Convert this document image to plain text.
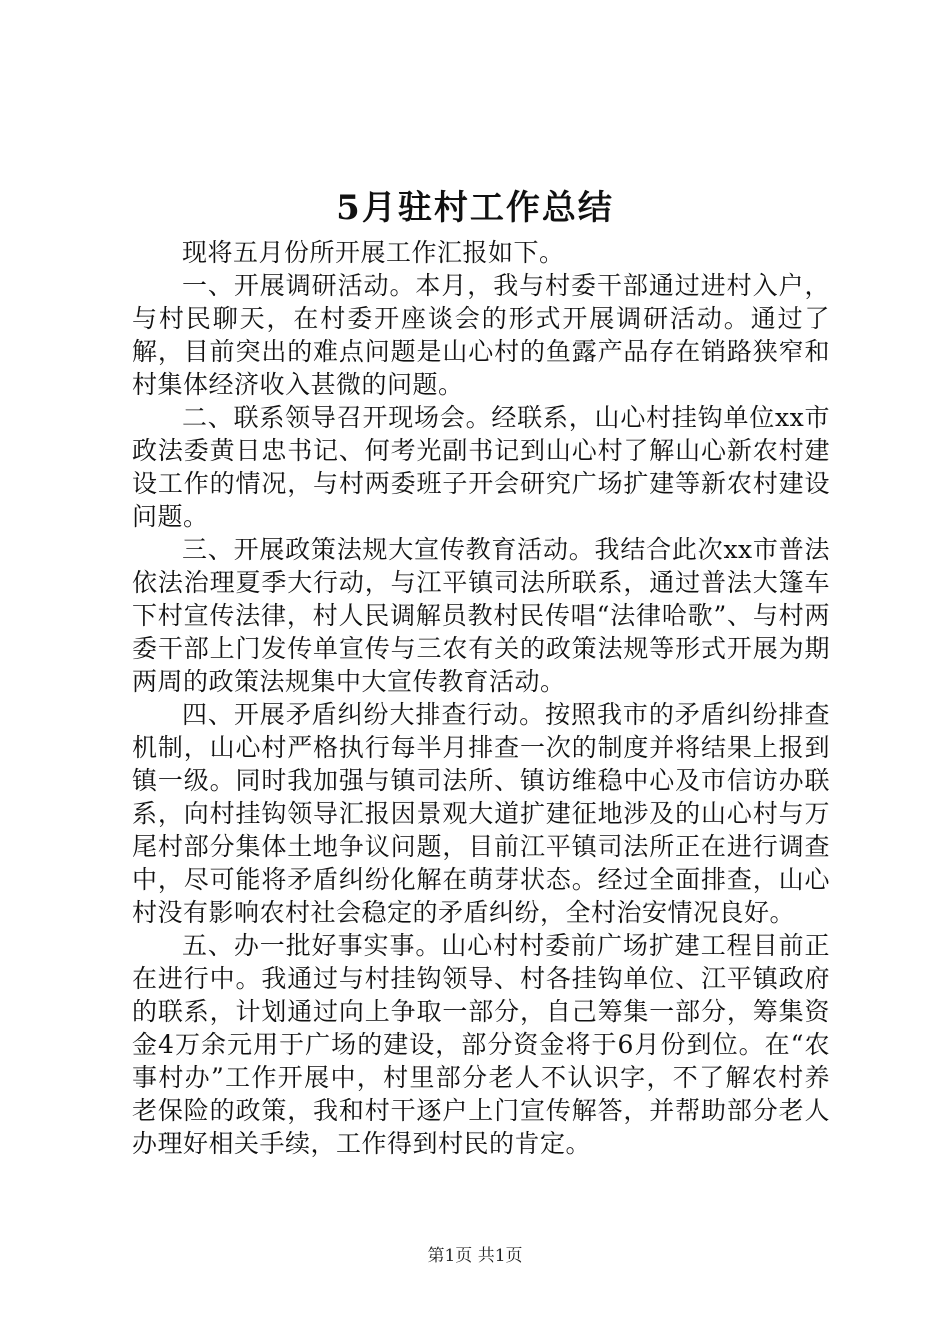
5月驻村工作总结

现将五月份所开展工作汇报如下。

一、开展调研活动。本月，我与村委干部通过进村入户，与村民聊天，在村委开座谈会的形式开展调研活动。通过了解，目前突出的难点问题是山心村的鱼露产品存在销路狭窄和村集体经济收入甚微的问题。

二、联系领导召开现场会。经联系，山心村挂钩单位xx市政法委黄日忠书记、何考光副书记到山心村了解山心新农村建设工作的情况，与村两委班子开会研究广场扩建等新农村建设问题。

三、开展政策法规大宣传教育活动。我结合此次xx市普法依法治理夏季大行动，与江平镇司法所联系，通过普法大篷车下村宣传法律，村人民调解员教村民传唱“法律哈歌”、与村两委干部上门发传单宣传与三农有关的政策法规等形式开展为期两周的政策法规集中大宣传教育活动。

四、开展矛盾纠纷大排查行动。按照我市的矛盾纠纷排查机制，山心村严格执行每半月排查一次的制度并将结果上报到镇一级。同时我加强与镇司法所、镇访维稳中心及市信访办联系，向村挂钩领导汇报因景观大道扩建征地涉及的山心村与万尾村部分集体土地争议问题，目前江平镇司法所正在进行调查中，尽可能将矛盾纠纷化解在萌芽状态。经过全面排查，山心村没有影响农村社会稳定的矛盾纠纷，全村治安情况良好。

五、办一批好事实事。山心村村委前广场扩建工程目前正在进行中。我通过与村挂钩领导、村各挂钩单位、江平镇政府的联系，计划通过向上争取一部分，自己筹集一部分，筹集资金4万余元用于广场的建设，部分资金将于6月份到位。在“农事村办”工作开展中，村里部分老人不认识字，不了解农村养老保险的政策，我和村干逐户上门宣传解答，并帮助部分老人办理好相关手续，工作得到村民的肯定。

第1页 共1页
